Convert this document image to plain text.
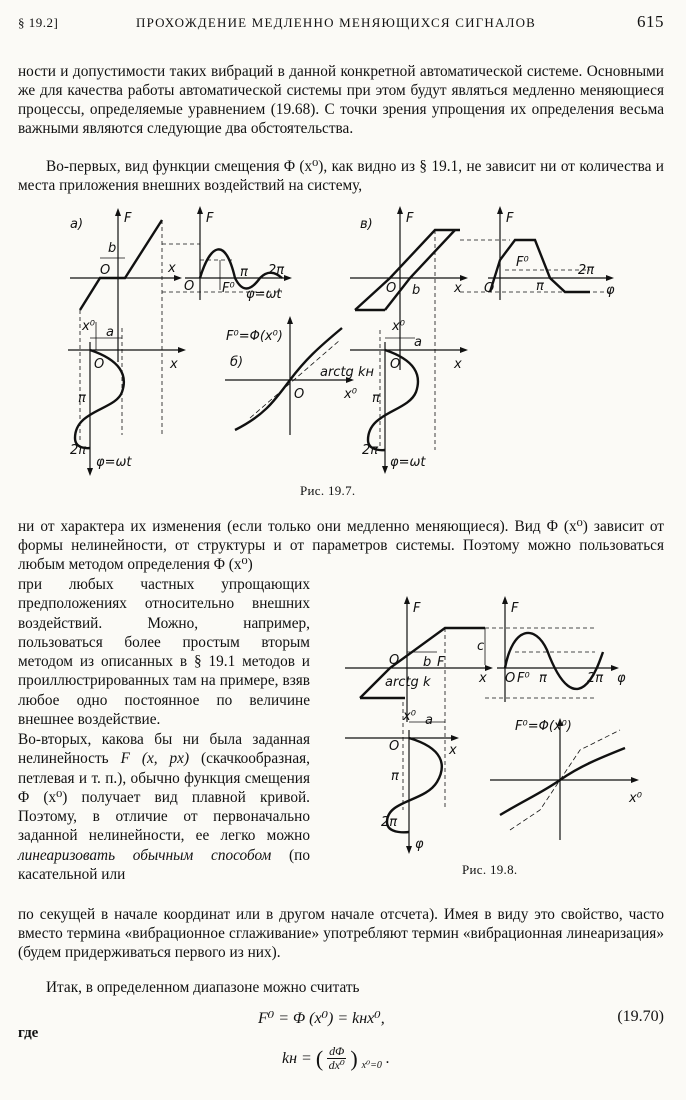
§ 19.2]	ПРОХОЖДЕНИЕ МЕДЛЕННО МЕНЯЮЩИХСЯ СИГНАЛОВ	615

ности и допустимости таких вибраций в данной конкретной автоматической системе. Основными же для качества работы автоматической системы при этом будут являться медленно меняющиеся процессы, определяемые уравнением (19.68). С точки зрения упрощения их определения весьма важными являются следующие два обстоятельства.

Во-первых, вид функции смещения Φ (x⁰), как видно из § 19.1, не зависит ни от количества и места приложения внешних воздействий на систему,

a)	F
O
b
x
x⁰ a
O	x
π
2π
φ=ωt
F
O F⁰
π 2π
φ=ωt
F⁰=Φ(x⁰)
б)
arctg kн
O	x⁰
в)	F
O b	x
x⁰
a
O	x
π
2π
φ=ωt
F
O
F⁰
π
2π
φ
Рис. 19.7.

ни от характера их изменения (если только они медленно меняющиеся). Вид Φ (x⁰) зависит от формы нелинейности, от структуры и от параметров системы. Поэтому можно пользоваться любым методом определения Φ (x⁰)

при любых частных упрощающих предположениях относительно внешних воздействий. Можно, например, пользоваться более простым вторым методом из описанных в § 19.1 методов и проиллюстрированных там на примере, взяв любое одно постоянное по величине внешнее воздействие.

Во-вторых, какова бы ни была заданная нелинейность F (x, px) (скачкообразная, петлевая и т. п.), обычно функция смещения Φ (x⁰) получает вид плавной кривой. Поэтому, в отличие от первоначально заданной нелинейности, ее легко можно линеаризовать обычным способом (по касательной или

F
O b F
c
arctg k	x
x⁰ a
O	x
π
2π
φ
F
O F⁰ π	2π φ
F⁰=Φ(x⁰)
x⁰
Рис. 19.8.

по секущей в начале координат или в другом начале отсчета). Имея в виду это свойство, часто вместо термина «вибрационное сглаживание» употребляют термин «вибрационная линеаризация» (будем придерживаться первого из них).

Итак, в определенном диапазоне можно считать

F⁰ = Φ (x⁰) = kнx⁰,	(19.70)
где
kн = ( $\frac{d\Phi}{\text{dx⁰}}$ ) x⁰=0 .
